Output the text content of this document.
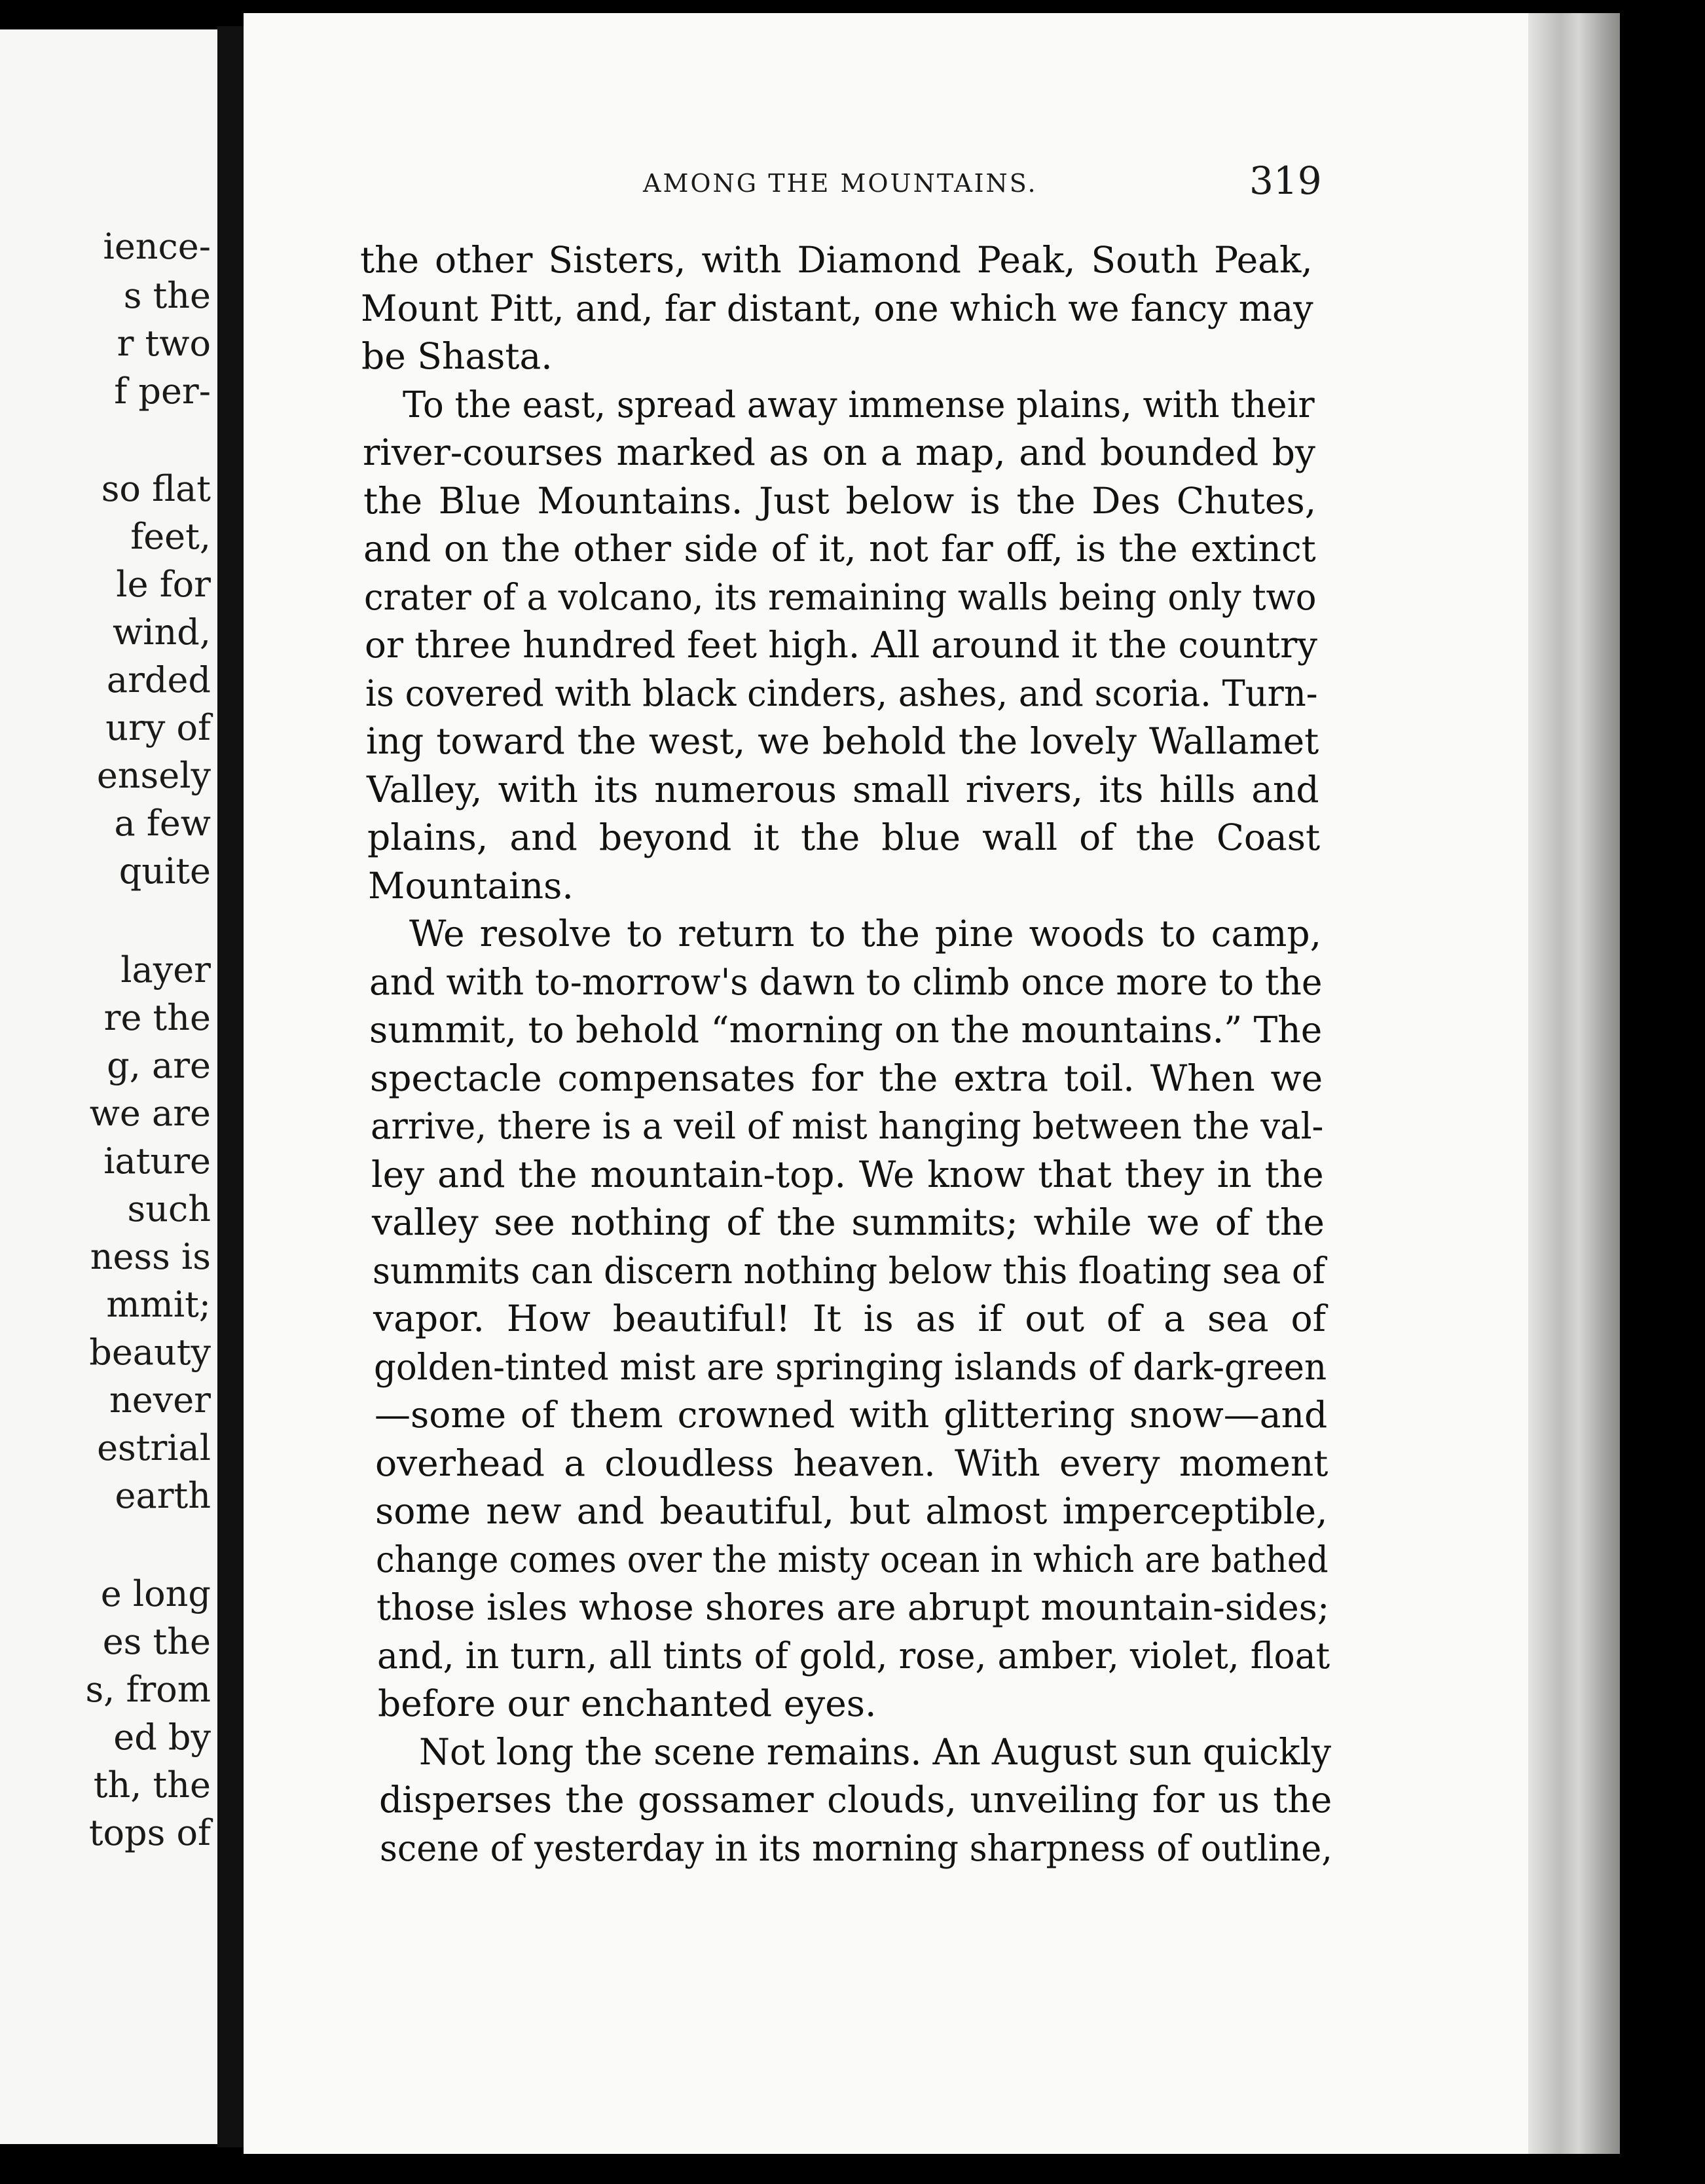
ience-
s the
r two
f per-
so flat
feet,
le for
wind,
arded
ury of
ensely
a few
quite
layer
re the
g, are
we are
iature
such
ness is
mmit;
beauty
never
estrial
earth
e long
es the
s, from
ed by
th, the
tops of
AMONG THE MOUNTAINS.	319
the other Sisters, with Diamond Peak, South Peak,
Mount Pitt, and, far distant, one which we fancy may
be Shasta.
To the east, spread away immense plains, with their
river-courses marked as on a map, and bounded by
the Blue Mountains. Just below is the Des Chutes,
and on the other side of it, not far off, is the extinct
crater of a volcano, its remaining walls being only two
or three hundred feet high. All around it the country
is covered with black cinders, ashes, and scoria. Turn-
ing toward the west, we behold the lovely Wallamet
Valley, with its numerous small rivers, its hills and
plains, and beyond it the blue wall of the Coast
Mountains.
We resolve to return to the pine woods to camp,
and with to-morrow's dawn to climb once more to the
summit, to behold “morning on the mountains.” The
spectacle compensates for the extra toil. When we
arrive, there is a veil of mist hanging between the val-
ley and the mountain-top. We know that they in the
valley see nothing of the summits; while we of the
summits can discern nothing below this floating sea of
vapor. How beautiful! It is as if out of a sea of
golden-tinted mist are springing islands of dark-green
—some of them crowned with glittering snow—and
overhead a cloudless heaven. With every moment
some new and beautiful, but almost imperceptible,
change comes over the misty ocean in which are bathed
those isles whose shores are abrupt mountain-sides;
and, in turn, all tints of gold, rose, amber, violet, float
before our enchanted eyes.
Not long the scene remains. An August sun quickly
disperses the gossamer clouds, unveiling for us the
scene of yesterday in its morning sharpness of outline,
